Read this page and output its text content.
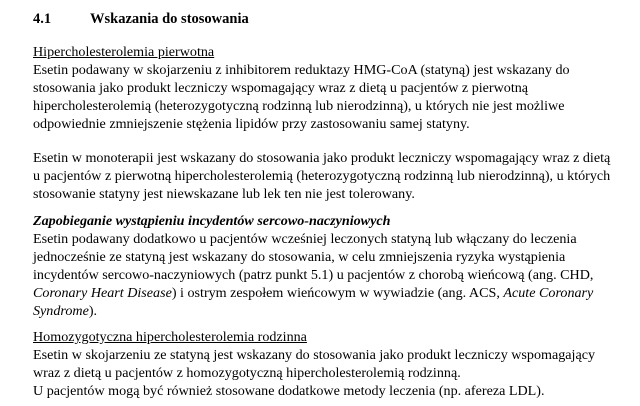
4.1	Wskazania do stosowania
Hipercholesterolemia pierwotna
Esetin podawany w skojarzeniu z inhibitorem reduktazy HMG-CoA (statyną) jest wskazany do
stosowania jako produkt leczniczy wspomagający wraz z dietą u pacjentów z pierwotną
hipercholesterolemią (heterozygotyczną rodzinną lub nierodzinną), u których nie jest możliwe
odpowiednie zmniejszenie stężenia lipidów przy zastosowaniu samej statyny.
Esetin w monoterapii jest wskazany do stosowania jako produkt leczniczy wspomagający wraz z dietą
u pacjentów z pierwotną hipercholesterolemią (heterozygotyczną rodzinną lub nierodzinną), u których
stosowanie statyny jest niewskazane lub lek ten nie jest tolerowany.
Zapobieganie wystąpieniu incydentów sercowo-naczyniowych
Esetin podawany dodatkowo u pacjentów wcześniej leczonych statyną lub włączany do leczenia
jednocześnie ze statyną jest wskazany do stosowania, w celu zmniejszenia ryzyka wystąpienia
incydentów sercowo-naczyniowych (patrz punkt 5.1) u pacjentów z chorobą wieńcową (ang. CHD,
Coronary Heart Disease) i ostrym zespołem wieńcowym w wywiadzie (ang. ACS, Acute Coronary
Syndrome).
Homozygotyczna hipercholesterolemia rodzinna
Esetin w skojarzeniu ze statyną jest wskazany do stosowania jako produkt leczniczy wspomagający
wraz z dietą u pacjentów z homozygotyczną hipercholesterolemią rodzinną.
U pacjentów mogą być również stosowane dodatkowe metody leczenia (np. afereza LDL).
